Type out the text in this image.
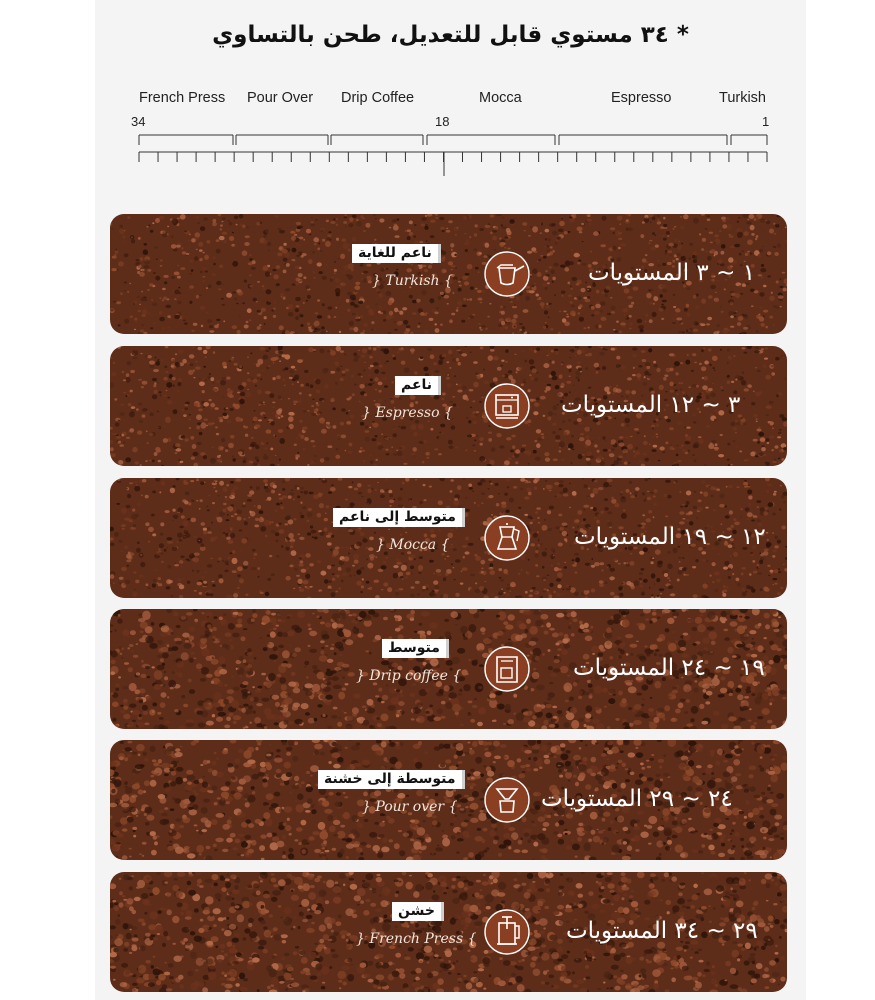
* ٣٤ مستوي قابل للتعديل، طحن بالتساوي
French Press Pour Over Drip Coffee	Mocca	Espresso	Turkish
34	18	1
ناعم للغاية
} Turkish {	١ ~ ٣ المستويات
ناعم
} Espresso {	٣ ~ ١٢ المستويات
متوسط إلى ناعم
} Mocca {	١٢ ~ ١٩ المستويات
متوسط
} Drip coffee {	١٩ ~ ٢٤ المستويات
متوسطة إلى خشنة
} Pour over {	٢٤ ~ ٢٩ المستويات
خشن
} French Press {	٢٩ ~ ٣٤ المستويات
